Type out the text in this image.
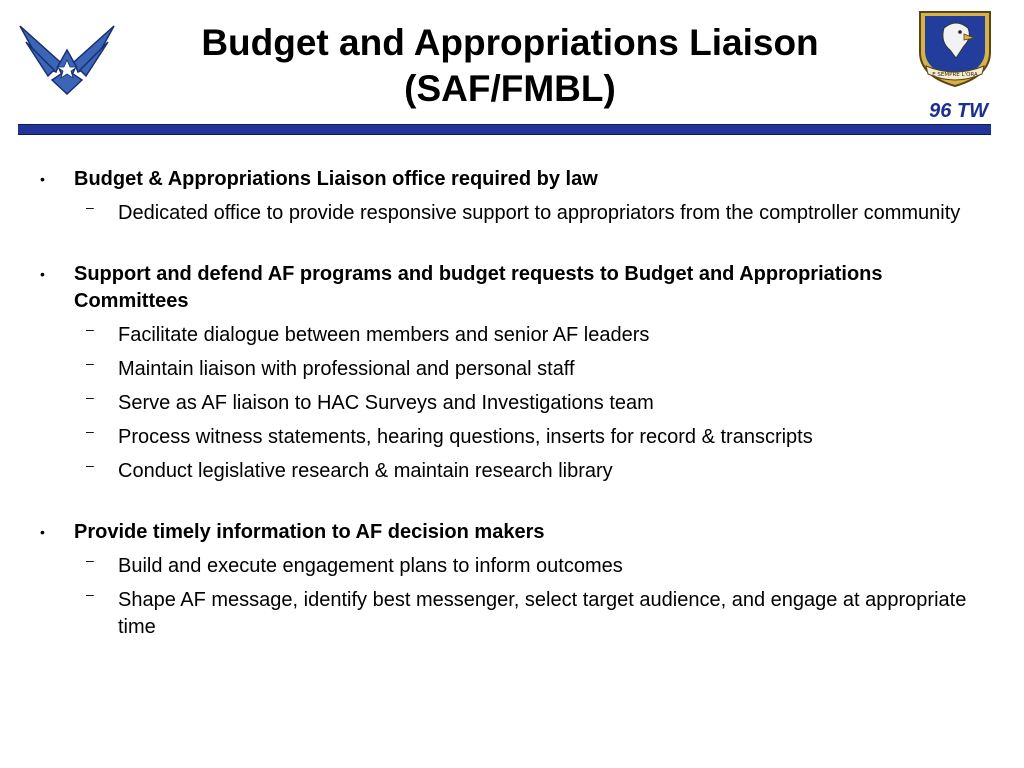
Budget and Appropriations Liaison
(SAF/FMBL)	E SEMPRE L'ORA
96 TW
• Budget & Appropriations Liaison office required by law
– Dedicated office to provide responsive support to appropriators from the comptroller community
• Support and defend AF programs and budget requests to Budget and Appropriations Committees
– Facilitate dialogue between members and senior AF leaders
– Maintain liaison with professional and personal staff
– Serve as AF liaison to HAC Surveys and Investigations team
– Process witness statements, hearing questions, inserts for record & transcripts
– Conduct legislative research & maintain research library
• Provide timely information to AF decision makers
– Build and execute engagement plans to inform outcomes
– Shape AF message, identify best messenger, select target audience, and engage at appropriate time
